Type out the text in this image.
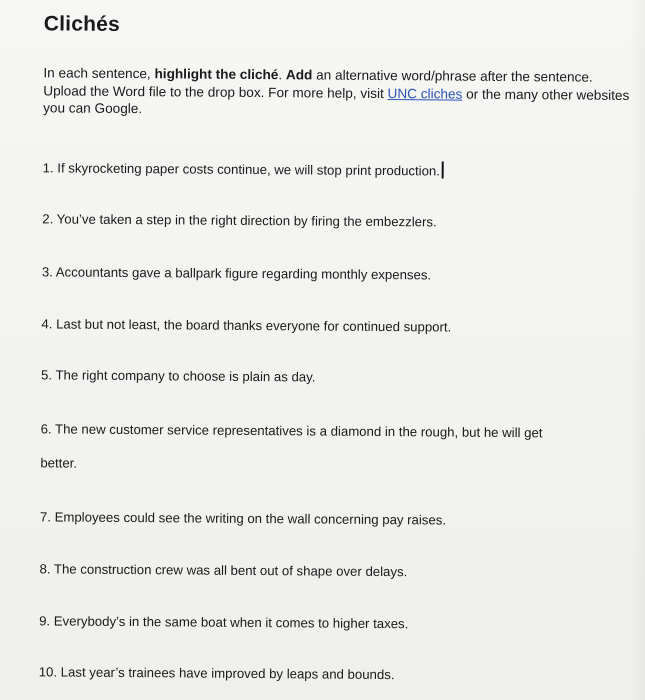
Clichés
In each sentence, highlight the cliché. Add an alternative word/phrase after the sentence. Upload the Word file to the drop box. For more help, visit UNC cliches or the many other websites you can Google.
1. If skyrocketing paper costs continue, we will stop print production.
2. You’ve taken a step in the right direction by firing the embezzlers.
3. Accountants gave a ballpark figure regarding monthly expenses.
4. Last but not least, the board thanks everyone for continued support.
5. The right company to choose is plain as day.
6. The new customer service representatives is a diamond in the rough, but he will get
better.
7. Employees could see the writing on the wall concerning pay raises.
8. The construction crew was all bent out of shape over delays.
9. Everybody’s in the same boat when it comes to higher taxes.
10. Last year’s trainees have improved by leaps and bounds.
